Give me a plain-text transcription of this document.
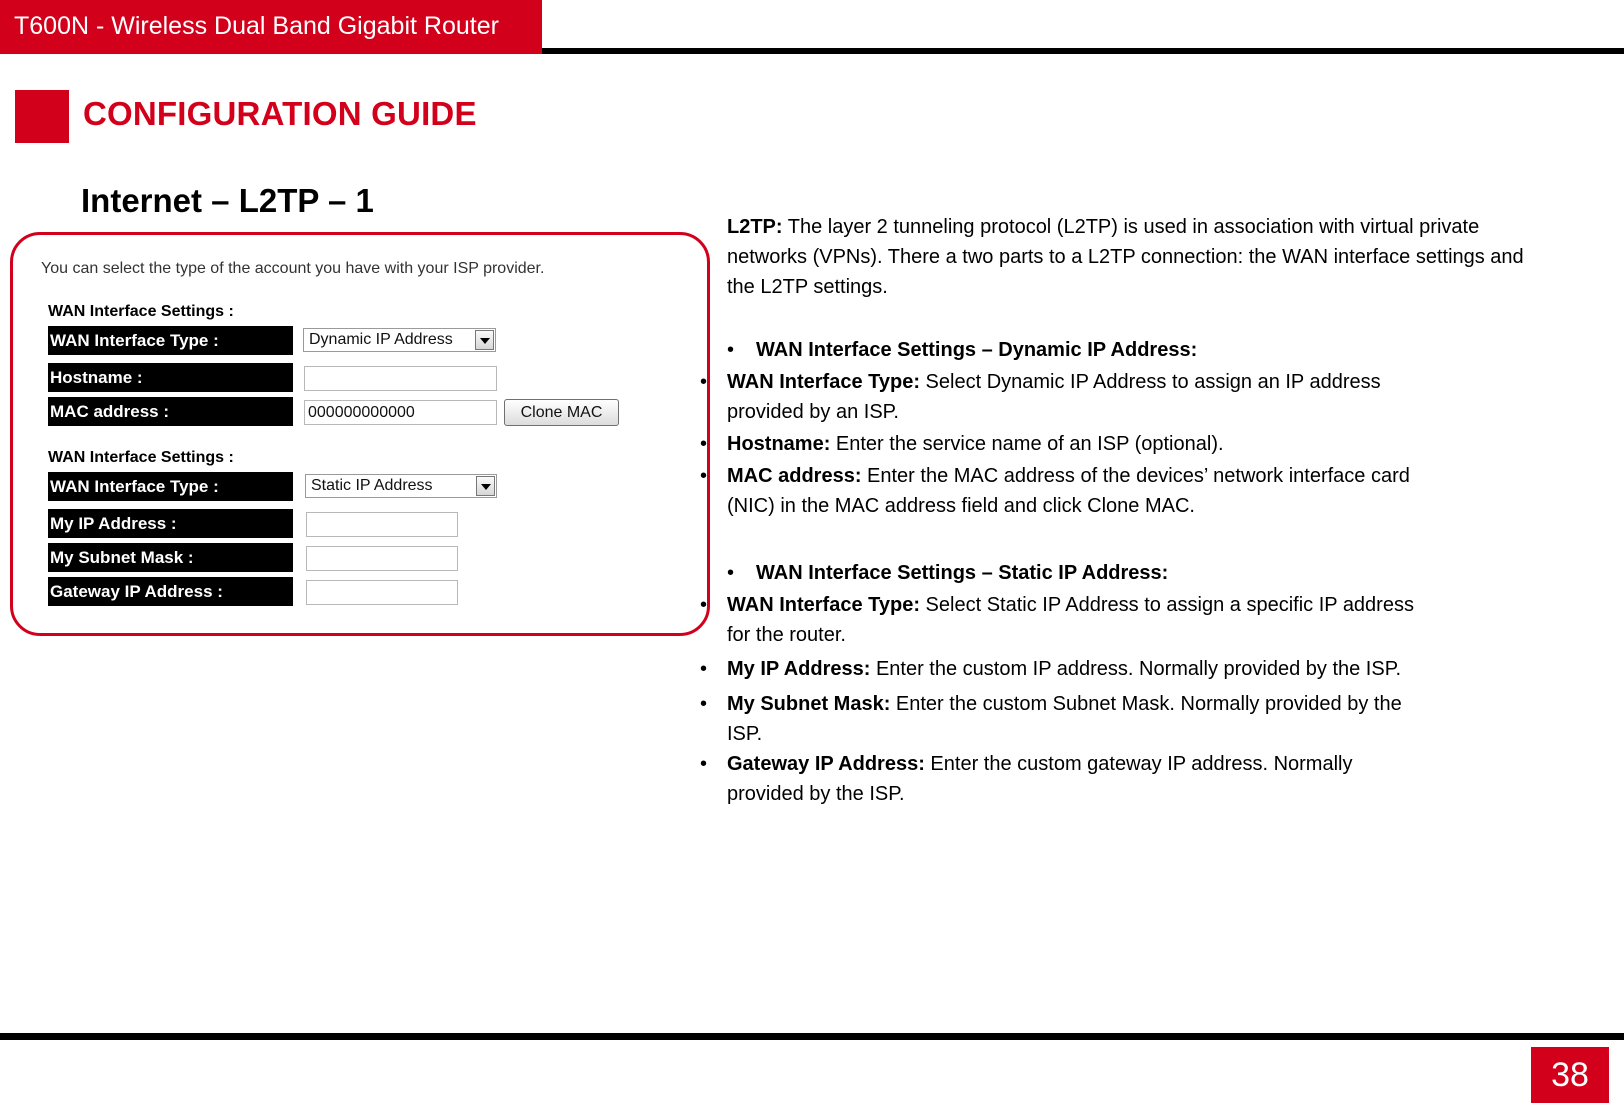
T600N - Wireless Dual Band Gigabit Router
CONFIGURATION GUIDE
Internet – L2TP – 1
You can select the type of the account you have with your ISP provider.
WAN Interface Settings :
WAN Interface Type :	Dynamic IP Address
Hostname :
MAC address :	000000000000	Clone MAC
WAN Interface Settings :
WAN Interface Type :	Static IP Address
My IP Address :
My Subnet Mask :
Gateway IP Address :

L2TP: The layer 2 tunneling protocol (L2TP) is used in association with virtual private networks (VPNs). There a two parts to a L2TP connection: the WAN interface settings and the L2TP settings.

• WAN Interface Settings – Dynamic IP Address:

• WAN Interface Type: Select Dynamic IP Address to assign an IP address provided by an ISP.

• Hostname: Enter the service name of an ISP (optional).

• MAC address: Enter the MAC address of the devices’ network interface card (NIC) in the MAC address field and click Clone MAC.

• WAN Interface Settings – Static IP Address:

• WAN Interface Type: Select Static IP Address to assign a specific IP address for the router.

• My IP Address: Enter the custom IP address. Normally provided by the ISP.

• My Subnet Mask: Enter the custom Subnet Mask. Normally provided by the ISP.

• Gateway IP Address: Enter the custom gateway IP address. Normally provided by the ISP.

38
